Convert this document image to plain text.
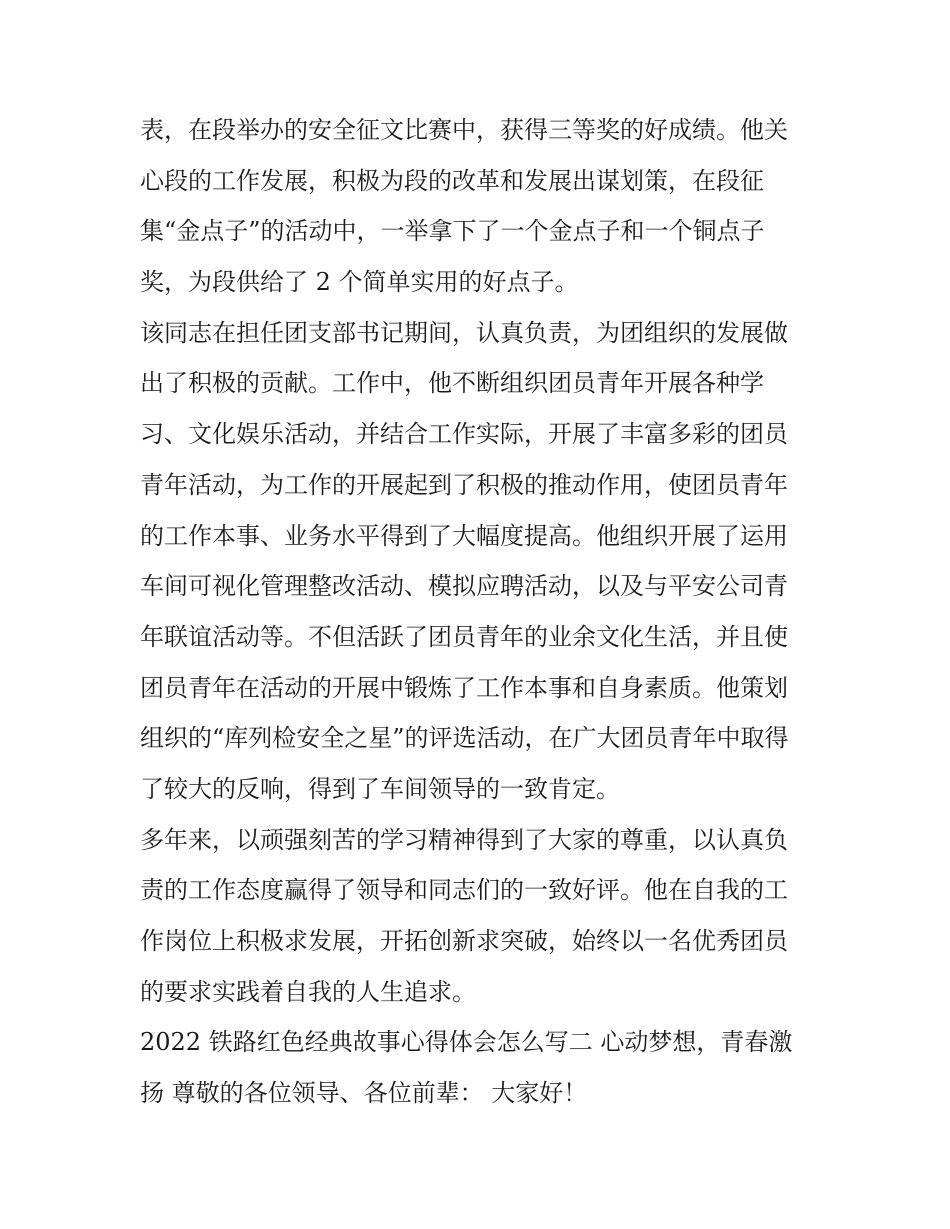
表，在段举办的安全征文比赛中，获得三等奖的好成绩。他关
心段的工作发展，积极为段的改革和发展出谋划策，在段征
集“金点子”的活动中，一举拿下了一个金点子和一个铜点子
奖，为段供给了 2 个简单实用的好点子。
该同志在担任团支部书记期间，认真负责，为团组织的发展做
出了积极的贡献。工作中，他不断组织团员青年开展各种学
习、文化娱乐活动，并结合工作实际，开展了丰富多彩的团员
青年活动，为工作的开展起到了积极的推动作用，使团员青年
的工作本事、业务水平得到了大幅度提高。他组织开展了运用
车间可视化管理整改活动、模拟应聘活动，以及与平安公司青
年联谊活动等。不但活跃了团员青年的业余文化生活，并且使
团员青年在活动的开展中锻炼了工作本事和自身素质。他策划
组织的“库列检安全之星”的评选活动，在广大团员青年中取得
了较大的反响，得到了车间领导的一致肯定。
多年来，以顽强刻苦的学习精神得到了大家的尊重，以认真负
责的工作态度赢得了领导和同志们的一致好评。他在自我的工
作岗位上积极求发展，开拓创新求突破，始终以一名优秀团员
的要求实践着自我的人生追求。
2022 铁路红色经典故事心得体会怎么写二 心动梦想，青春激
扬 尊敬的各位领导、各位前辈： 大家好！
